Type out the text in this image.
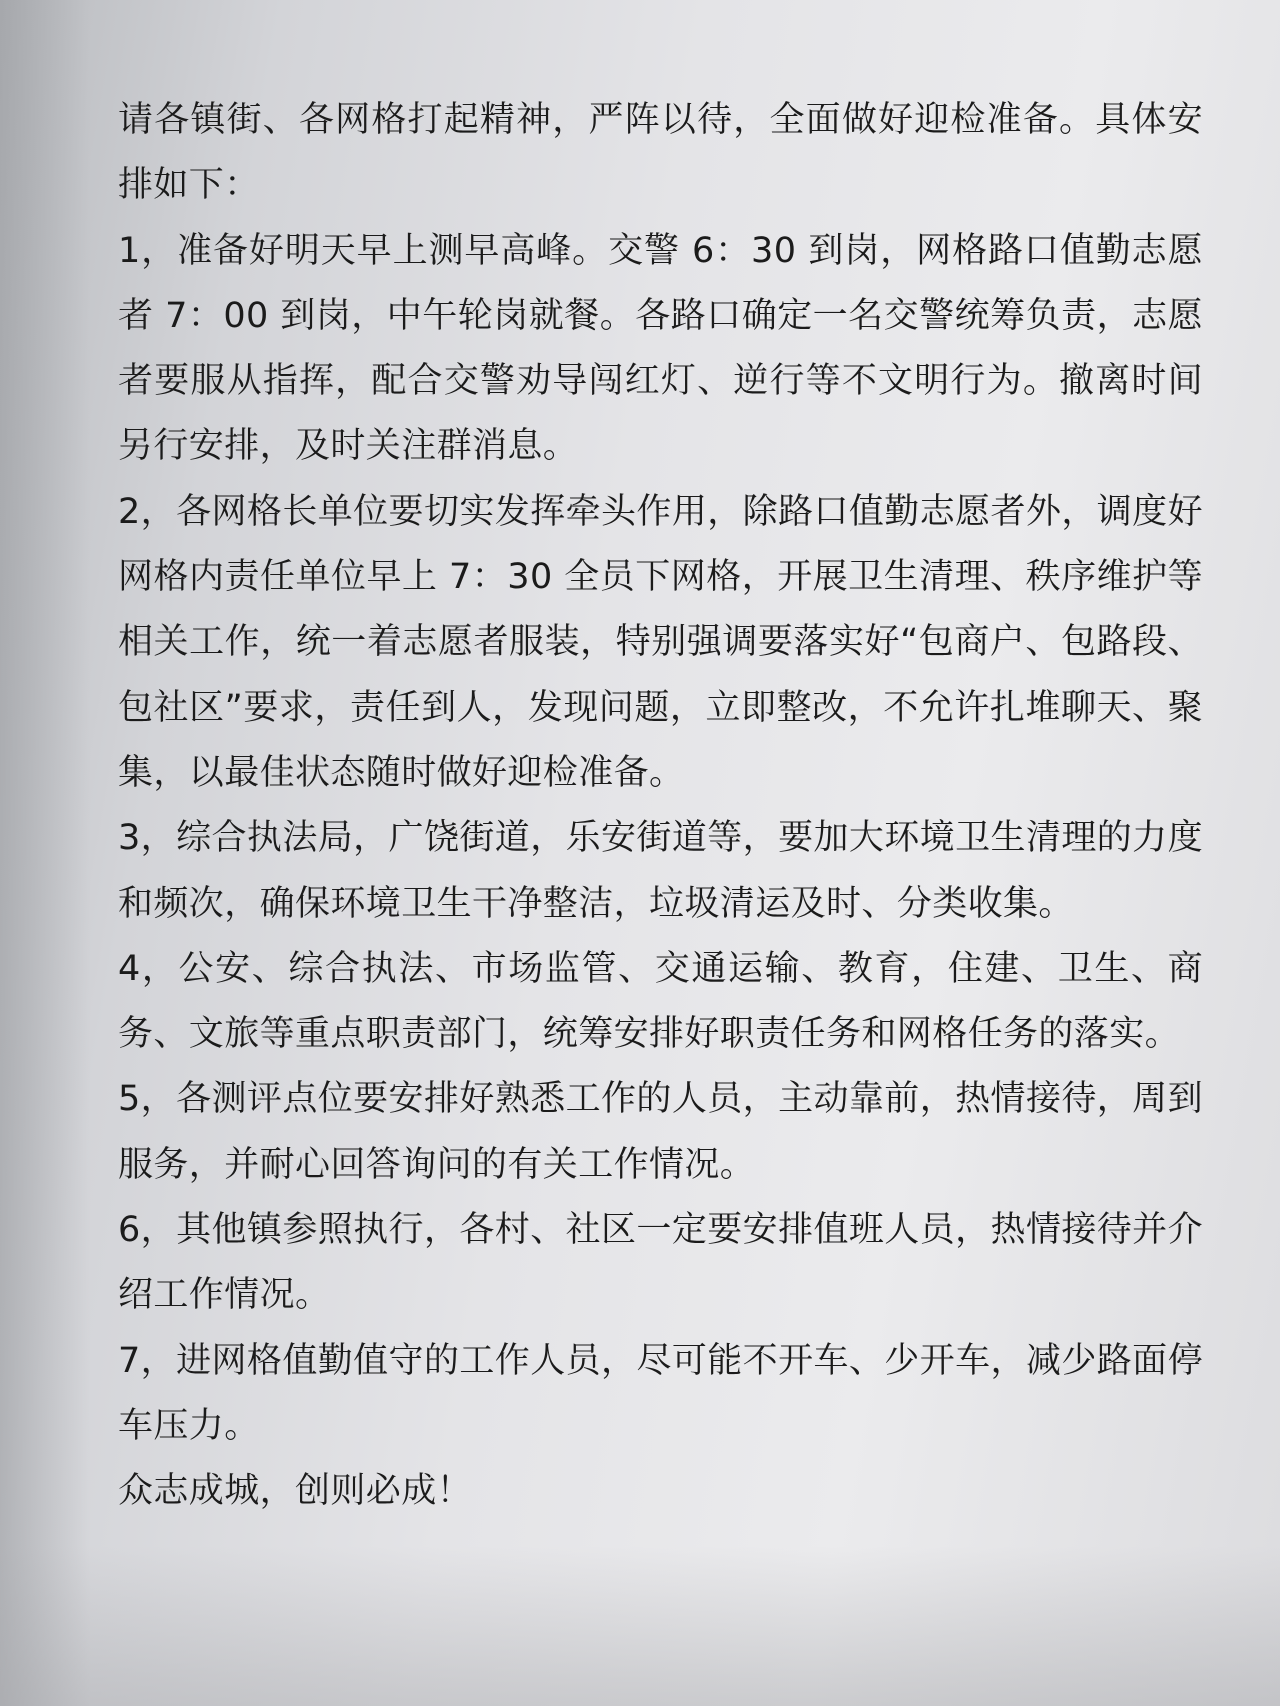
请各镇街、各网格打起精神，严阵以待，全面做好迎检准备。具体安排如下：

1，准备好明天早上测早高峰。交警 6：30 到岗，网格路口值勤志愿者 7：00 到岗，中午轮岗就餐。各路口确定一名交警统筹负责，志愿者要服从指挥，配合交警劝导闯红灯、逆行等不文明行为。撤离时间另行安排，及时关注群消息。

2，各网格长单位要切实发挥牵头作用，除路口值勤志愿者外，调度好网格内责任单位早上 7：30 全员下网格，开展卫生清理、秩序维护等相关工作，统一着志愿者服装，特别强调要落实好“包商户、包路段、包社区”要求，责任到人，发现问题，立即整改，不允许扎堆聊天、聚集，以最佳状态随时做好迎检准备。

3，综合执法局，广饶街道，乐安街道等，要加大环境卫生清理的力度和频次，确保环境卫生干净整洁，垃圾清运及时、分类收集。

4，公安、综合执法、市场监管、交通运输、教育，住建、卫生、商务、文旅等重点职责部门，统筹安排好职责任务和网格任务的落实。

5，各测评点位要安排好熟悉工作的人员，主动靠前，热情接待，周到服务，并耐心回答询问的有关工作情况。

6，其他镇参照执行，各村、社区一定要安排值班人员，热情接待并介绍工作情况。

7，进网格值勤值守的工作人员，尽可能不开车、少开车，减少路面停车压力。

众志成城，创则必成！
